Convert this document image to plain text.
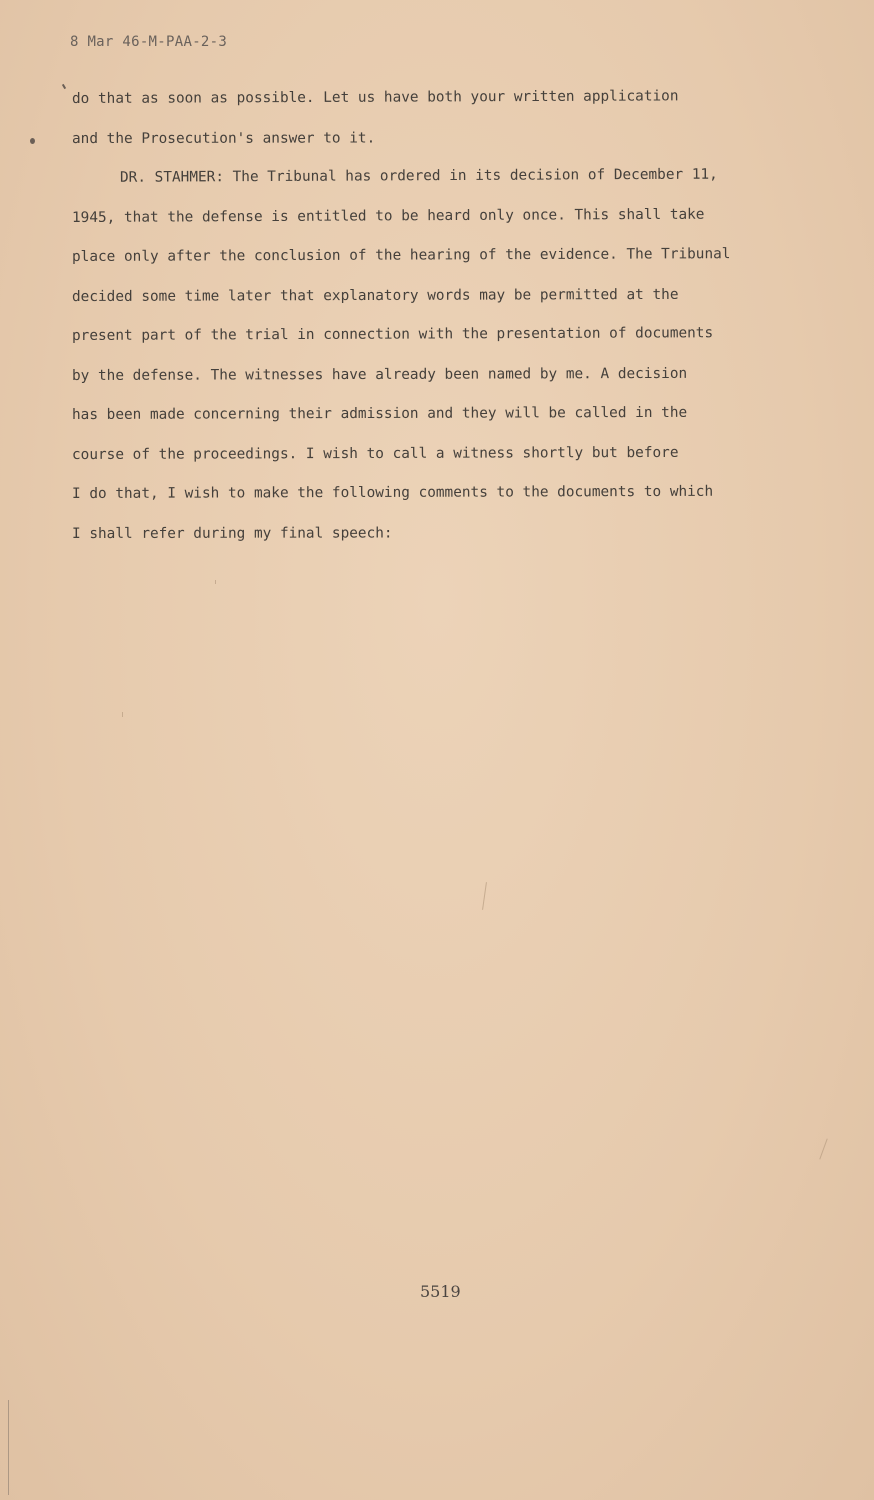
8 Mar 46-M-PAA-2-3
do that as soon as possible. Let us have both your written application
and the Prosecution's answer to it.
DR. STAHMER: The Tribunal has ordered in its decision of December 11,
1945, that the defense is entitled to be heard only once. This shall take
place only after the conclusion of the hearing of the evidence. The Tribunal
decided some time later that explanatory words may be permitted at the
present part of the trial in connection with the presentation of documents
by the defense. The witnesses have already been named by me. A decision
has been made concerning their admission and they will be called in the
course of the proceedings. I wish to call a witness shortly but before
I do that, I wish to make the following comments to the documents to which
I shall refer during my final speech:
5519
